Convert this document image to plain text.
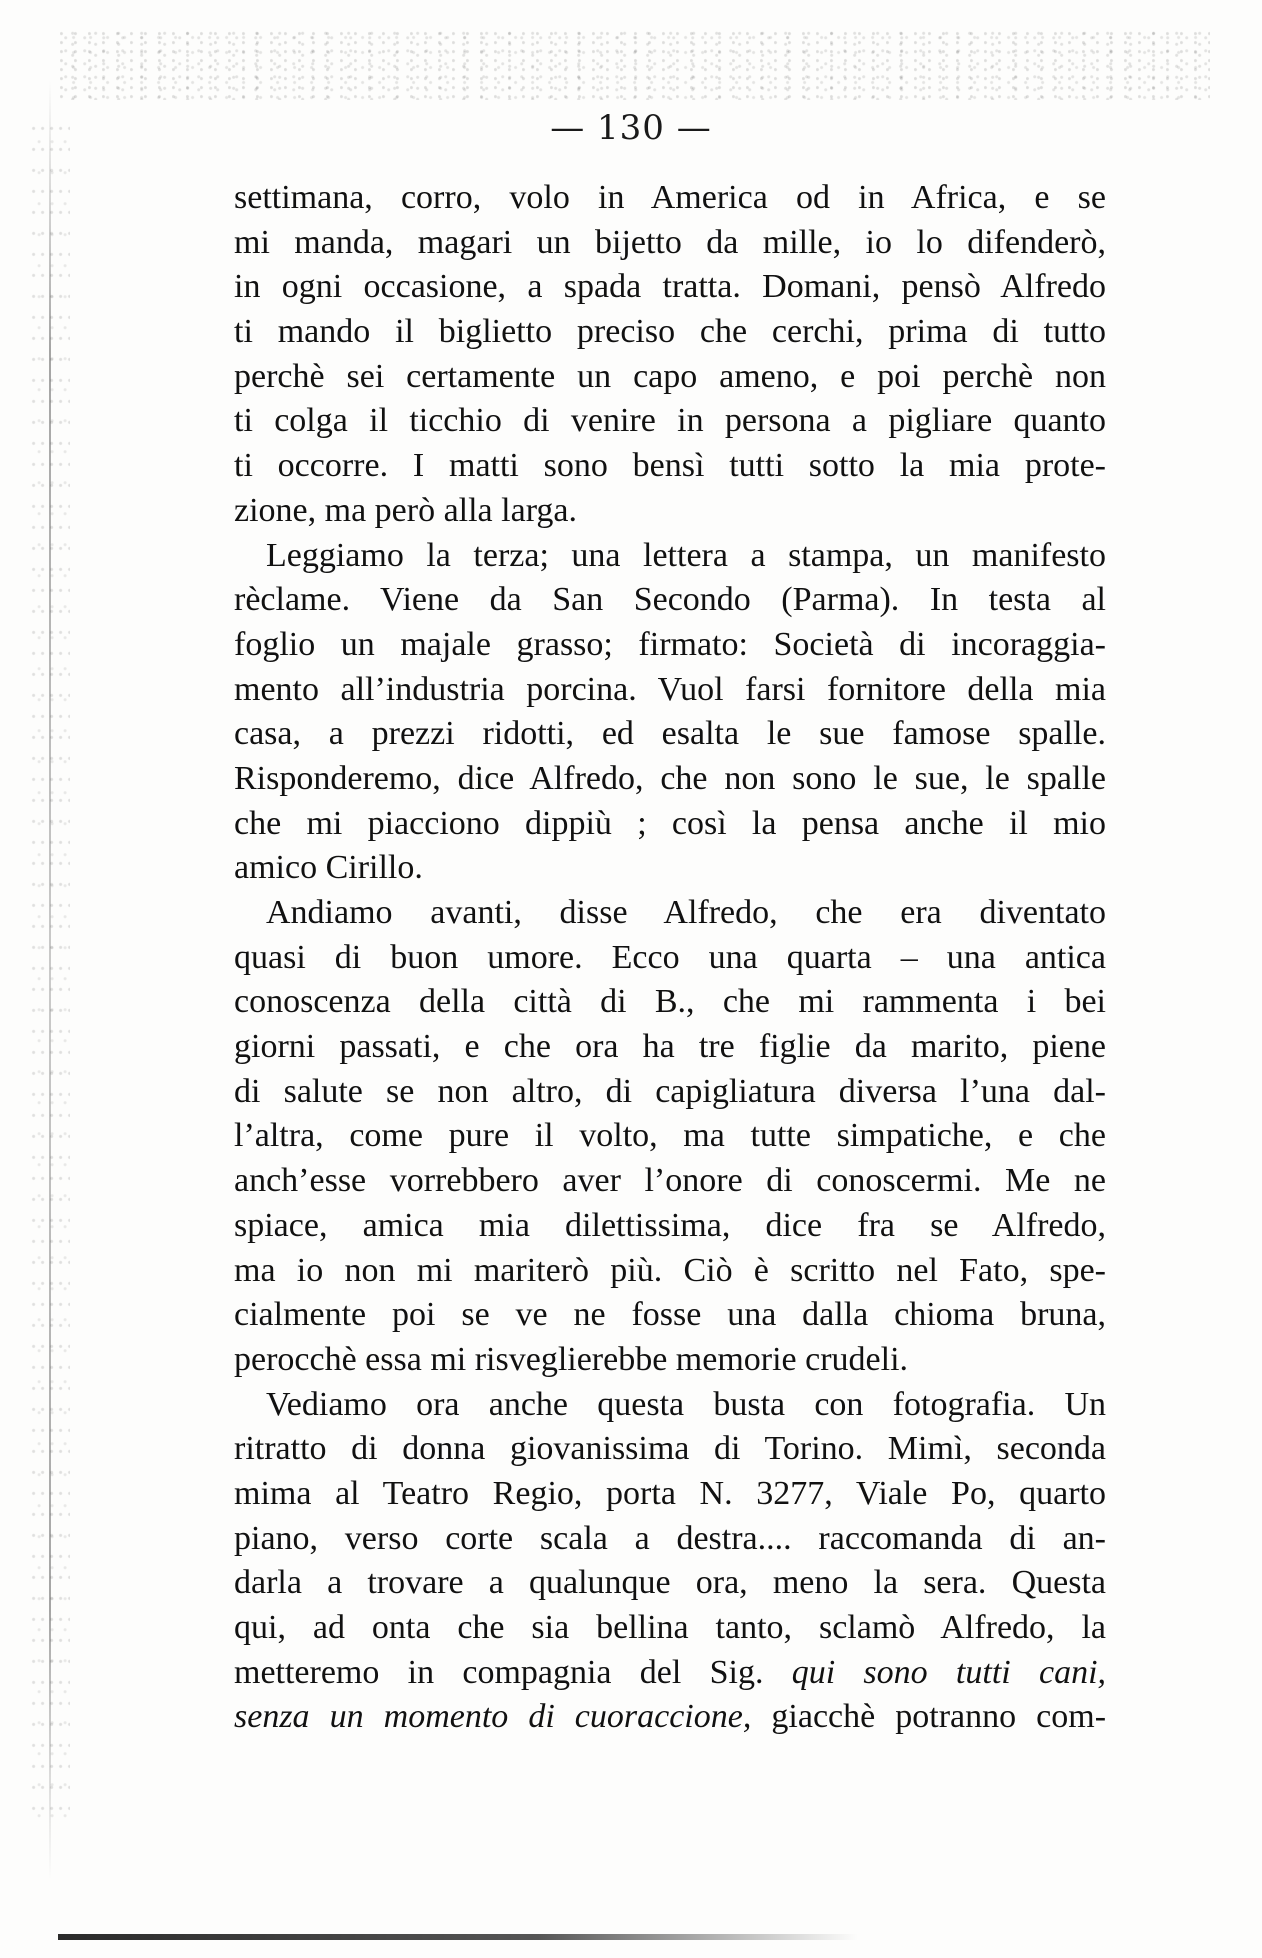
— 130 —
settimana, corro, volo in America od in Africa, e se
mi manda, magari un bijetto da mille, io lo difenderò,
in ogni occasione, a spada tratta. Domani, pensò Alfredo
ti mando il biglietto preciso che cerchi, prima di tutto
perchè sei certamente un capo ameno, e poi perchè non
ti colga il ticchio di venire in persona a pigliare quanto
ti occorre. I matti sono bensì tutti sotto la mia prote-
zione, ma però alla larga.
Leggiamo la terza; una lettera a stampa, un manifesto
rèclame. Viene da San Secondo (Parma). In testa al
foglio un majale grasso; firmato: Società di incoraggia-
mento all’industria porcina. Vuol farsi fornitore della mia
casa, a prezzi ridotti, ed esalta le sue famose spalle.
Risponderemo, dice Alfredo, che non sono le sue, le spalle
che mi piacciono dippiù ; così la pensa anche il mio
amico Cirillo.
Andiamo avanti, disse Alfredo, che era diventato
quasi di buon umore. Ecco una quarta – una antica
conoscenza della città di B., che mi rammenta i bei
giorni passati, e che ora ha tre figlie da marito, piene
di salute se non altro, di capigliatura diversa l’una dal-
l’altra, come pure il volto, ma tutte simpatiche, e che
anch’esse vorrebbero aver l’onore di conoscermi. Me ne
spiace, amica mia dilettissima, dice fra se Alfredo,
ma io non mi mariterò più. Ciò è scritto nel Fato, spe-
cialmente poi se ve ne fosse una dalla chioma bruna,
perocchè essa mi risveglierebbe memorie crudeli.
Vediamo ora anche questa busta con fotografia. Un
ritratto di donna giovanissima di Torino. Mimì, seconda
mima al Teatro Regio, porta N. 3277, Viale Po, quarto
piano, verso corte scala a destra.... raccomanda di an-
darla a trovare a qualunque ora, meno la sera. Questa
qui, ad onta che sia bellina tanto, sclamò Alfredo, la
metteremo in compagnia del Sig. qui sono tutti cani,
senza un momento di cuoraccione, giacchè potranno com-
